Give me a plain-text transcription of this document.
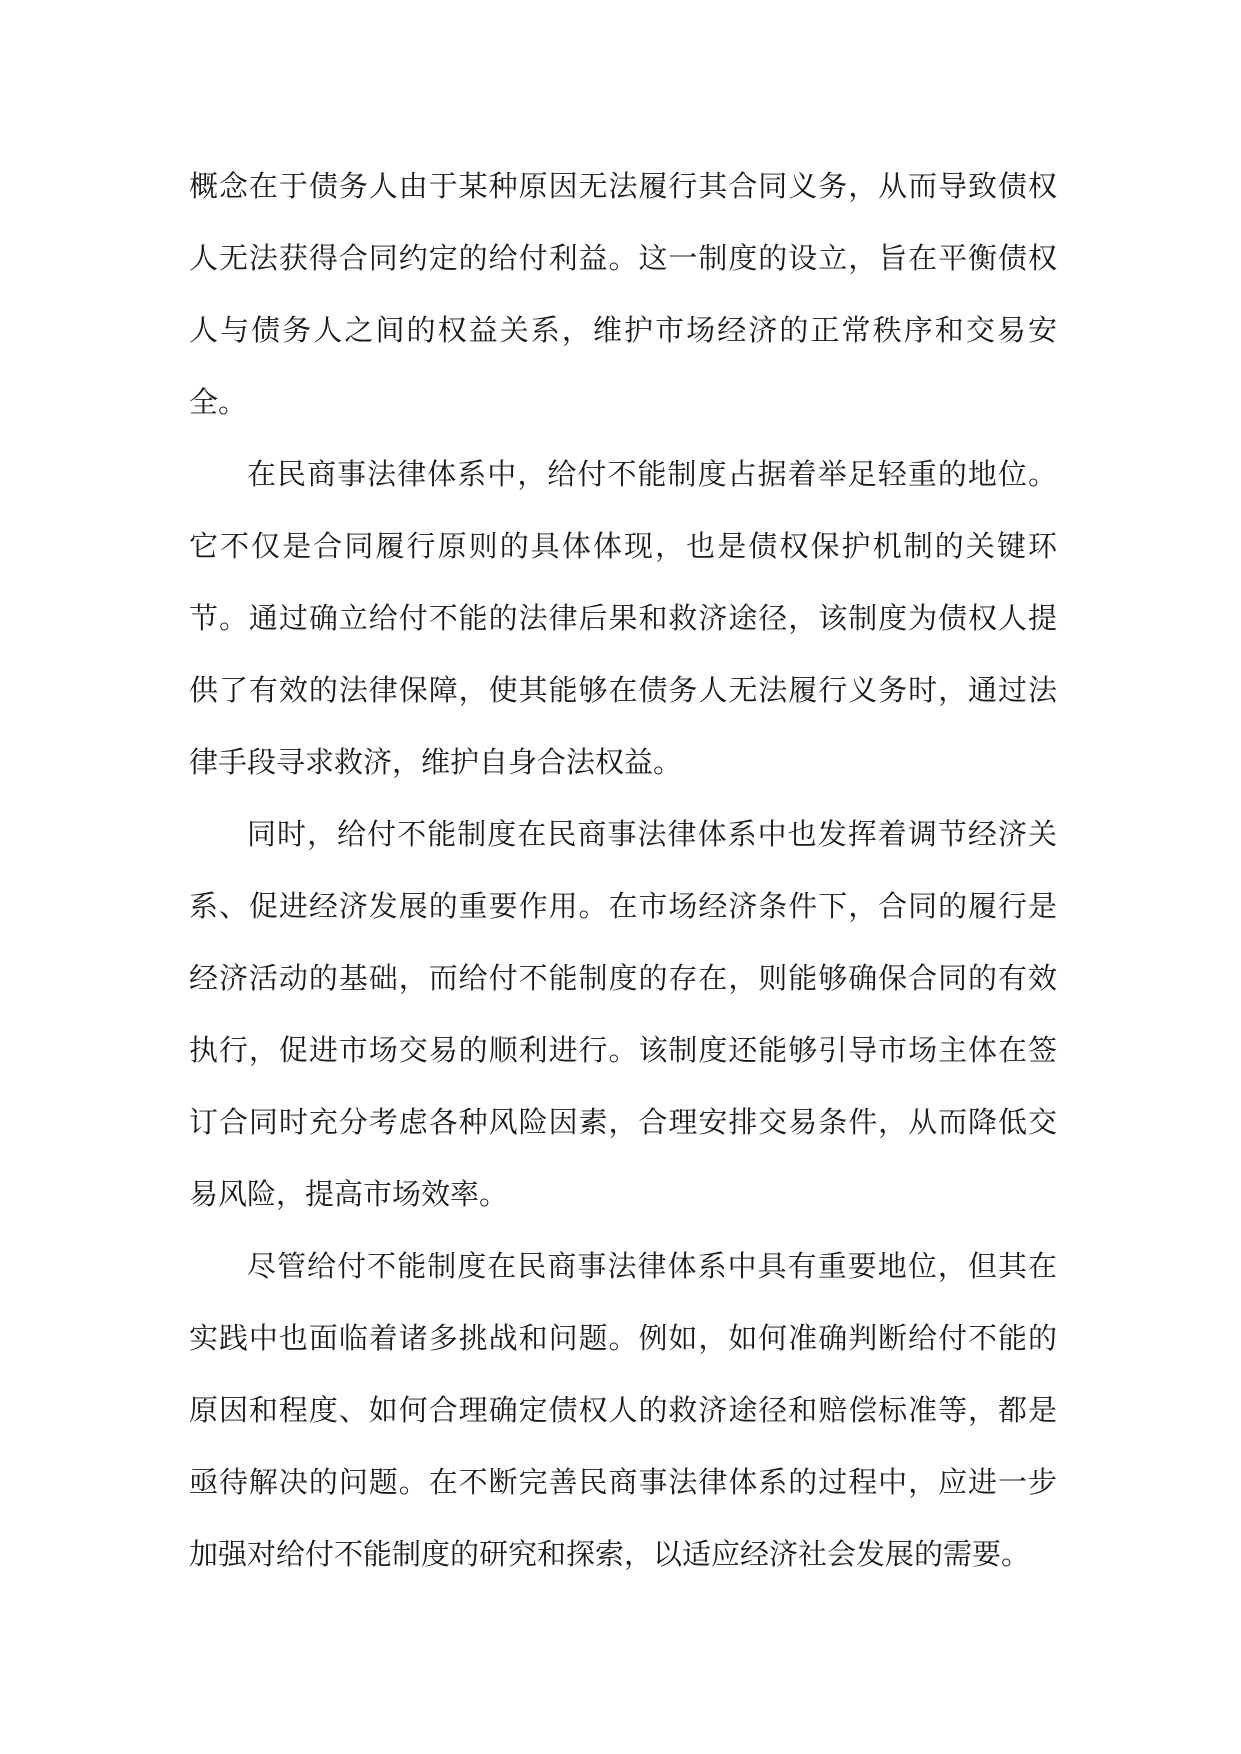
概念在于债务人由于某种原因无法履行其合同义务，从而导致债权人无法获得合同约定的给付利益。这一制度的设立，旨在平衡债权人与债务人之间的权益关系，维护市场经济的正常秩序和交易安全。

在民商事法律体系中，给付不能制度占据着举足轻重的地位。它不仅是合同履行原则的具体体现，也是债权保护机制的关键环节。通过确立给付不能的法律后果和救济途径，该制度为债权人提供了有效的法律保障，使其能够在债务人无法履行义务时，通过法律手段寻求救济，维护自身合法权益。

同时，给付不能制度在民商事法律体系中也发挥着调节经济关系、促进经济发展的重要作用。在市场经济条件下，合同的履行是经济活动的基础，而给付不能制度的存在，则能够确保合同的有效执行，促进市场交易的顺利进行。该制度还能够引导市场主体在签订合同时充分考虑各种风险因素，合理安排交易条件，从而降低交易风险，提高市场效率。

尽管给付不能制度在民商事法律体系中具有重要地位，但其在实践中也面临着诸多挑战和问题。例如，如何准确判断给付不能的原因和程度、如何合理确定债权人的救济途径和赔偿标准等，都是亟待解决的问题。在不断完善民商事法律体系的过程中，应进一步加强对给付不能制度的研究和探索，以适应经济社会发展的需要。
